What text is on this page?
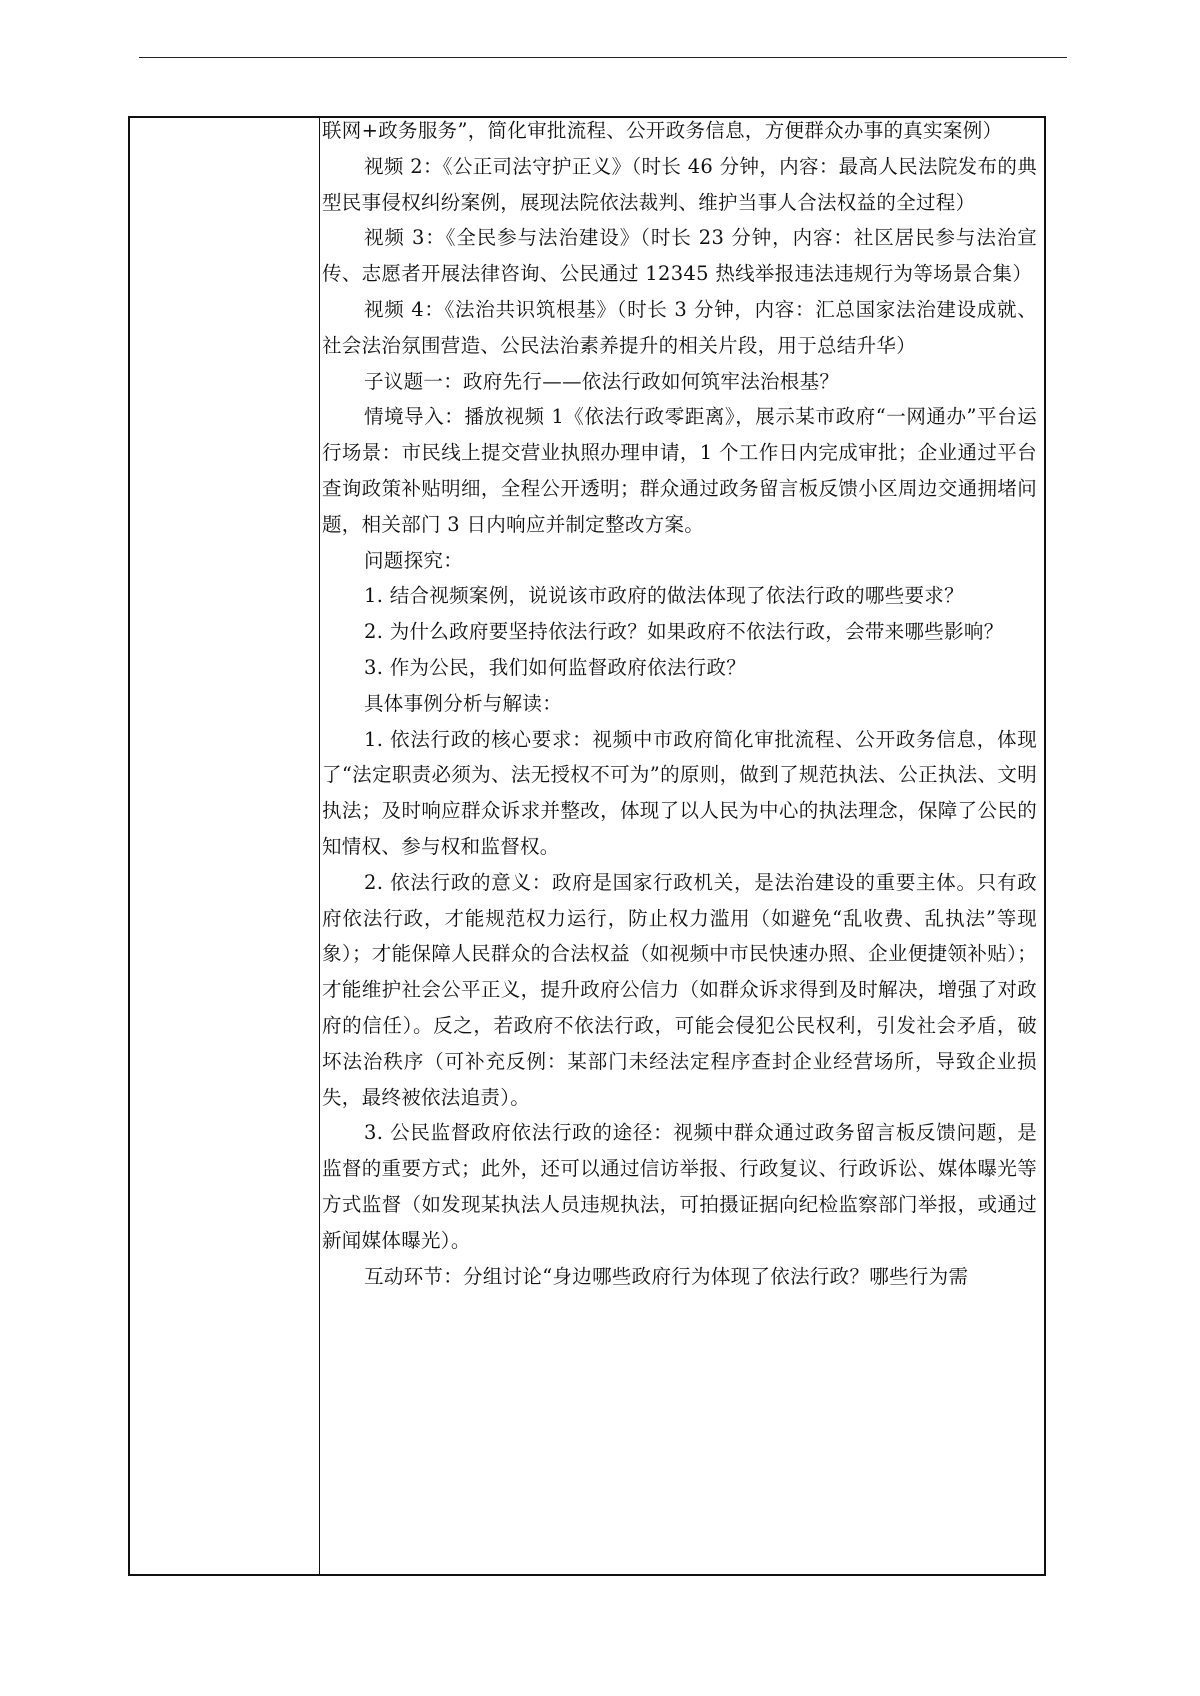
联网+政务服务”，简化审批流程、公开政务信息，方便群众办事的真实案例）

视频 2：《公正司法守护正义》（时长 46 分钟，内容：最高人民法院发布的典型民事侵权纠纷案例，展现法院依法裁判、维护当事人合法权益的全过程）

视频 3：《全民参与法治建设》（时长 23 分钟，内容：社区居民参与法治宣传、志愿者开展法律咨询、公民通过 12345 热线举报违法违规行为等场景合集）

视频 4：《法治共识筑根基》（时长 3 分钟，内容：汇总国家法治建设成就、社会法治氛围营造、公民法治素养提升的相关片段，用于总结升华）

子议题一：政府先行——依法行政如何筑牢法治根基？

情境导入：播放视频 1《依法行政零距离》，展示某市政府“一网通办”平台运行场景：市民线上提交营业执照办理申请，1 个工作日内完成审批；企业通过平台查询政策补贴明细，全程公开透明；群众通过政务留言板反馈小区周边交通拥堵问题，相关部门 3 日内响应并制定整改方案。

问题探究：

1. 结合视频案例，说说该市政府的做法体现了依法行政的哪些要求？

2. 为什么政府要坚持依法行政？如果政府不依法行政，会带来哪些影响？

3. 作为公民，我们如何监督政府依法行政？

具体事例分析与解读：

1. 依法行政的核心要求：视频中市政府简化审批流程、公开政务信息，体现了“法定职责必须为、法无授权不可为”的原则，做到了规范执法、公正执法、文明执法；及时响应群众诉求并整改，体现了以人民为中心的执法理念，保障了公民的知情权、参与权和监督权。

2. 依法行政的意义：政府是国家行政机关，是法治建设的重要主体。只有政府依法行政，才能规范权力运行，防止权力滥用（如避免“乱收费、乱执法”等现象）；才能保障人民群众的合法权益（如视频中市民快速办照、企业便捷领补贴）；才能维护社会公平正义，提升政府公信力（如群众诉求得到及时解决，增强了对政府的信任）。反之，若政府不依法行政，可能会侵犯公民权利，引发社会矛盾，破坏法治秩序（可补充反例：某部门未经法定程序查封企业经营场所，导致企业损失，最终被依法追责）。

3. 公民监督政府依法行政的途径：视频中群众通过政务留言板反馈问题，是监督的重要方式；此外，还可以通过信访举报、行政复议、行政诉讼、媒体曝光等方式监督（如发现某执法人员违规执法，可拍摄证据向纪检监察部门举报，或通过新闻媒体曝光）。

互动环节：分组讨论“身边哪些政府行为体现了依法行政？哪些行为需
